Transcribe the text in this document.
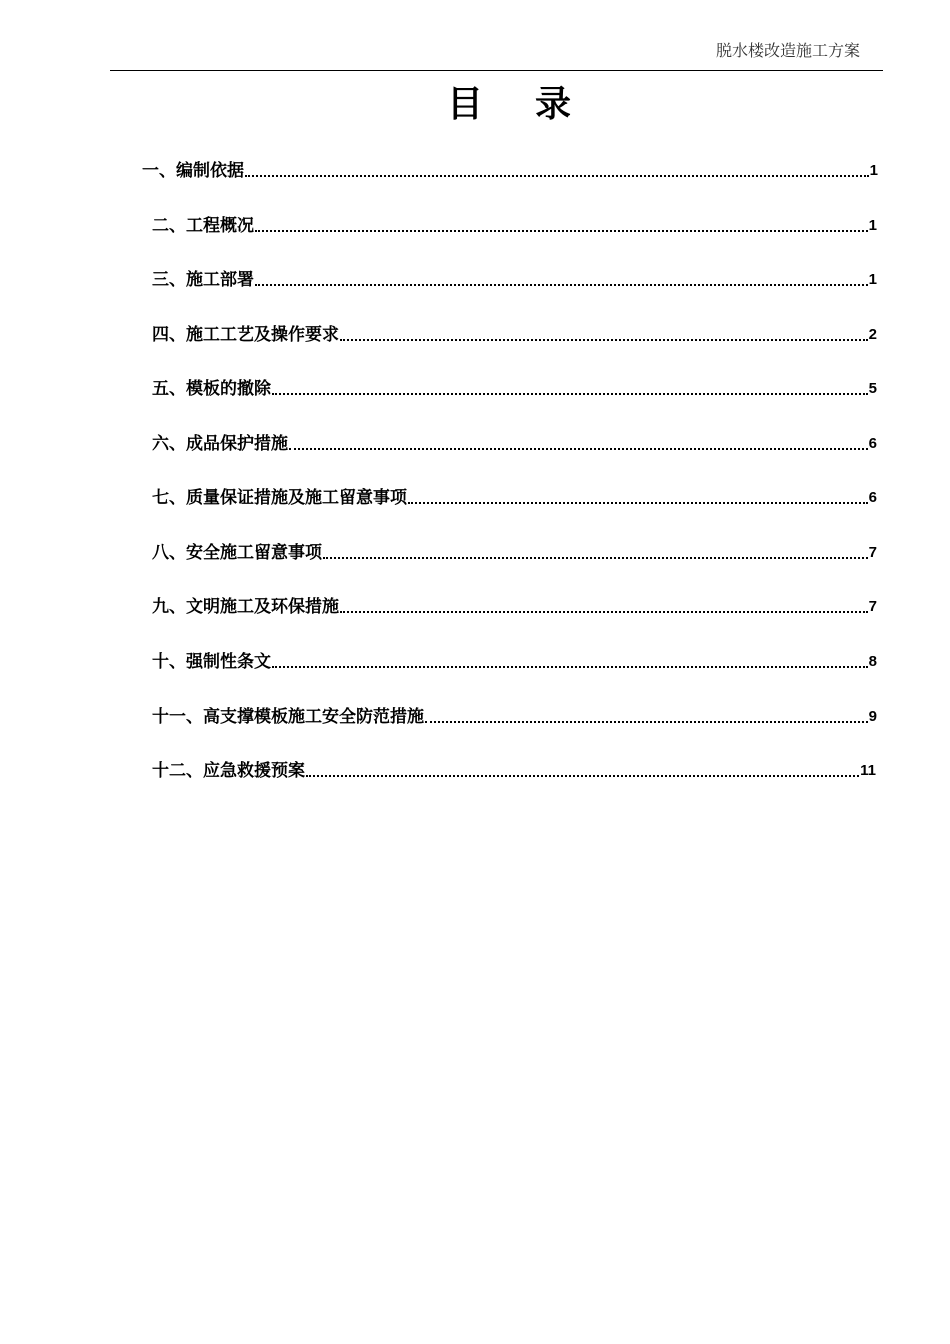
脱水楼改造施工方案
目录
一、编制依据	1
二、工程概况	1
三、施工部署	1
四、施工工艺及操作要求	2
五、模板的撤除	5
六、成品保护措施	6
七、质量保证措施及施工留意事项	6
八、安全施工留意事项	7
九、文明施工及环保措施	7
十、强制性条文	8
十一、高支撑模板施工安全防范措施	9
十二、应急救援预案	11
